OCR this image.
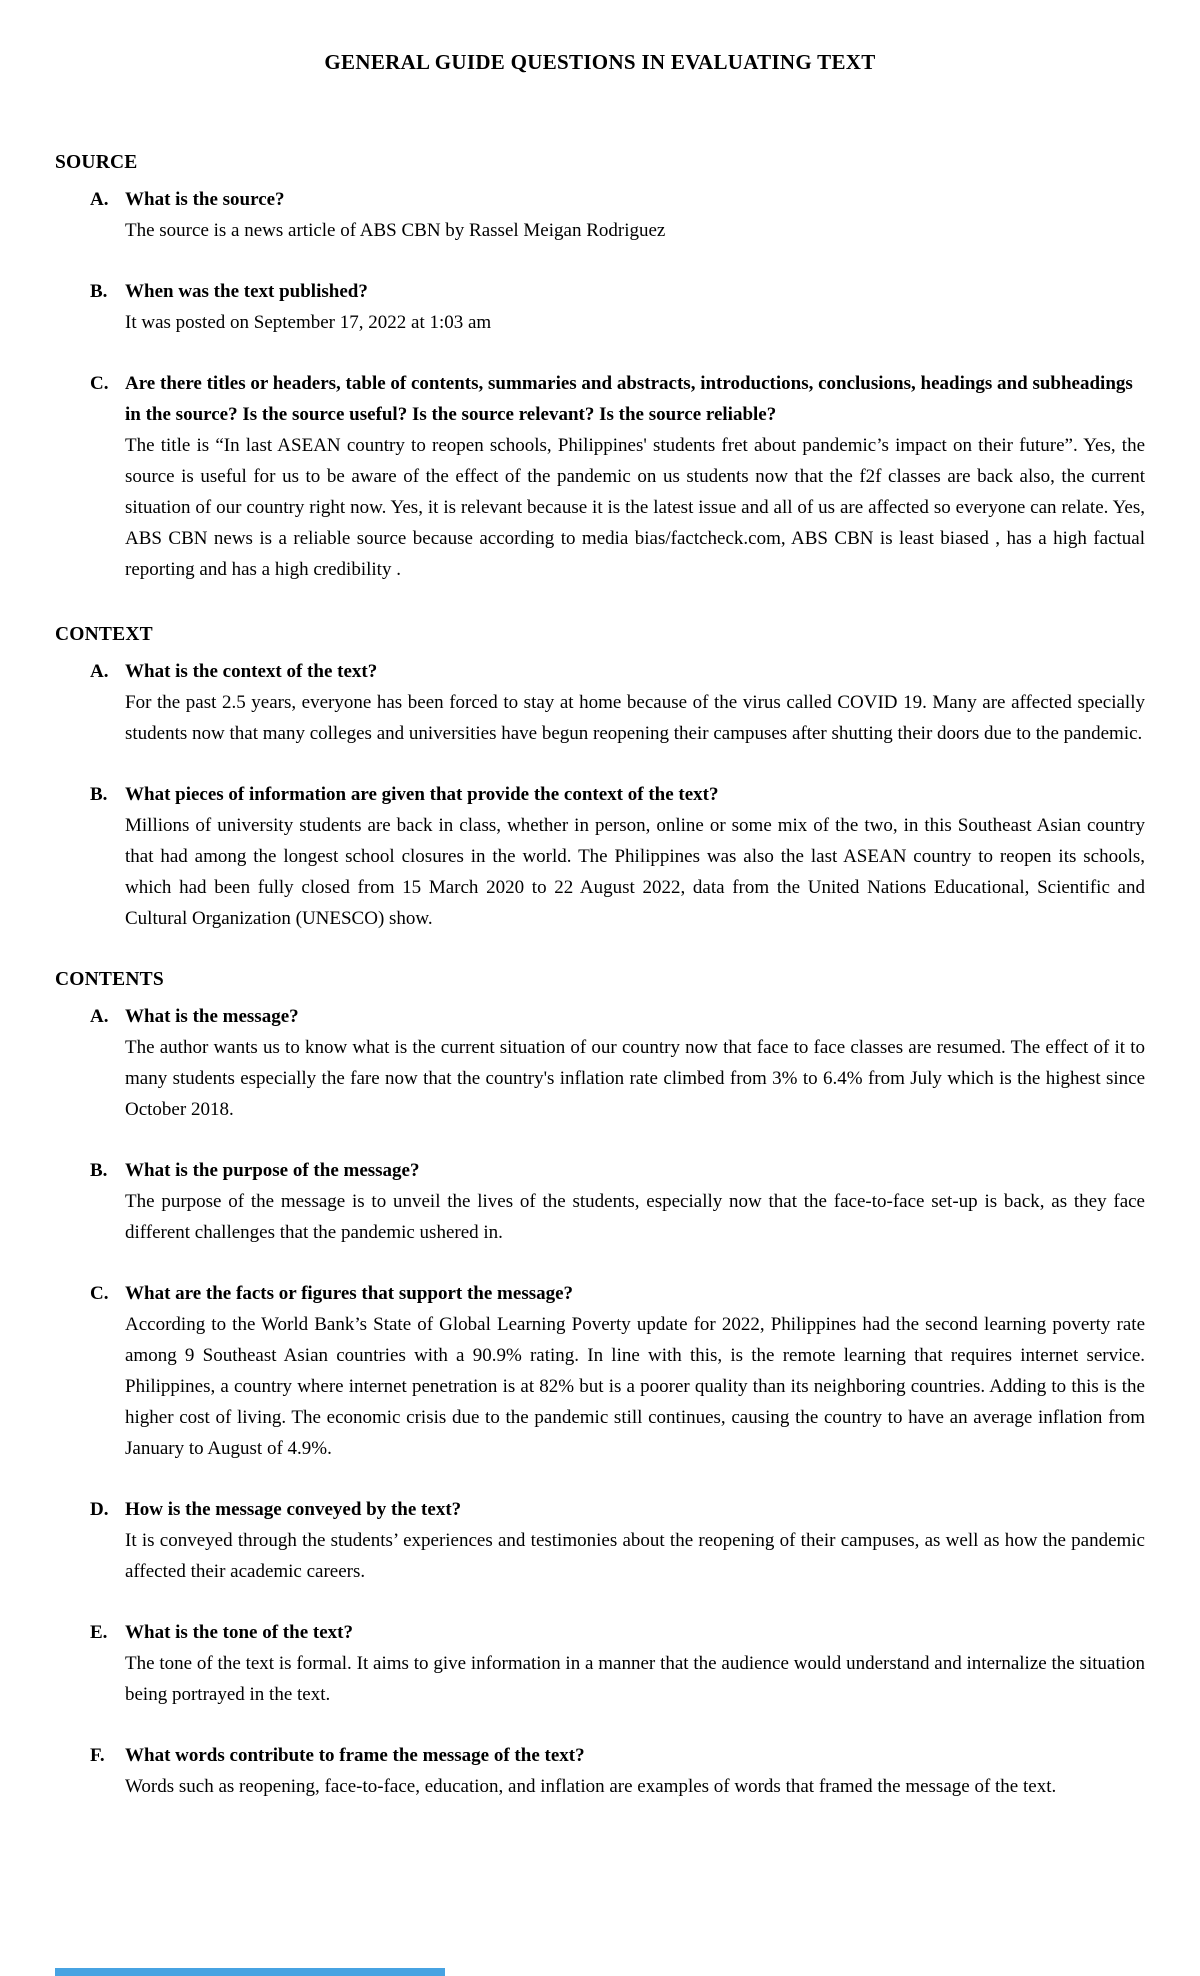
GENERAL GUIDE QUESTIONS IN EVALUATING TEXT
SOURCE
A. What is the source?

The source is a news article of ABS CBN by Rassel Meigan Rodriguez

B. When was the text published?

It was posted on September 17, 2022 at 1:03 am

C. Are there titles or headers, table of contents, summaries and abstracts, introductions, conclusions, headings and subheadings in the source? Is the source useful? Is the source relevant? Is the source reliable?

The title is “In last ASEAN country to reopen schools, Philippines' students fret about pandemic’s impact on their future”. Yes, the source is useful for us to be aware of the effect of the pandemic on us students now that the f2f classes are back also, the current situation of our country right now. Yes, it is relevant because it is the latest issue and all of us are affected so everyone can relate. Yes, ABS CBN news is a reliable source because according to media bias/factcheck.com, ABS CBN is least biased , has a high factual reporting and has a high credibility .

CONTEXT
A. What is the context of the text?

For the past 2.5 years, everyone has been forced to stay at home because of the virus called COVID 19. Many are affected specially students now that many colleges and universities have begun reopening their campuses after shutting their doors due to the pandemic.

B. What pieces of information are given that provide the context of the text?

Millions of university students are back in class, whether in person, online or some mix of the two, in this Southeast Asian country that had among the longest school closures in the world. The Philippines was also the last ASEAN country to reopen its schools, which had been fully closed from 15 March 2020 to 22 August 2022, data from the United Nations Educational, Scientific and Cultural Organization (UNESCO) show.

CONTENTS
A. What is the message?

The author wants us to know what is the current situation of our country now that face to face classes are resumed. The effect of it to many students especially the fare now that the country's inflation rate climbed from 3% to 6.4% from July which is the highest since October 2018.

B. What is the purpose of the message?

The purpose of the message is to unveil the lives of the students, especially now that the face-to-face set-up is back, as they face different challenges that the pandemic ushered in.

C. What are the facts or figures that support the message?

According to the World Bank’s State of Global Learning Poverty update for 2022, Philippines had the second learning poverty rate among 9 Southeast Asian countries with a 90.9% rating. In line with this, is the remote learning that requires internet service. Philippines, a country where internet penetration is at 82% but is a poorer quality than its neighboring countries. Adding to this is the higher cost of living. The economic crisis due to the pandemic still continues, causing the country to have an average inflation from January to August of 4.9%.

D. How is the message conveyed by the text?

It is conveyed through the students’ experiences and testimonies about the reopening of their campuses, as well as how the pandemic affected their academic careers.

E. What is the tone of the text?

The tone of the text is formal. It aims to give information in a manner that the audience would understand and internalize the situation being portrayed in the text.

F.	What words contribute to frame the message of the text?

Words such as reopening, face-to-face, education, and inflation are examples of words that framed the message of the text.
